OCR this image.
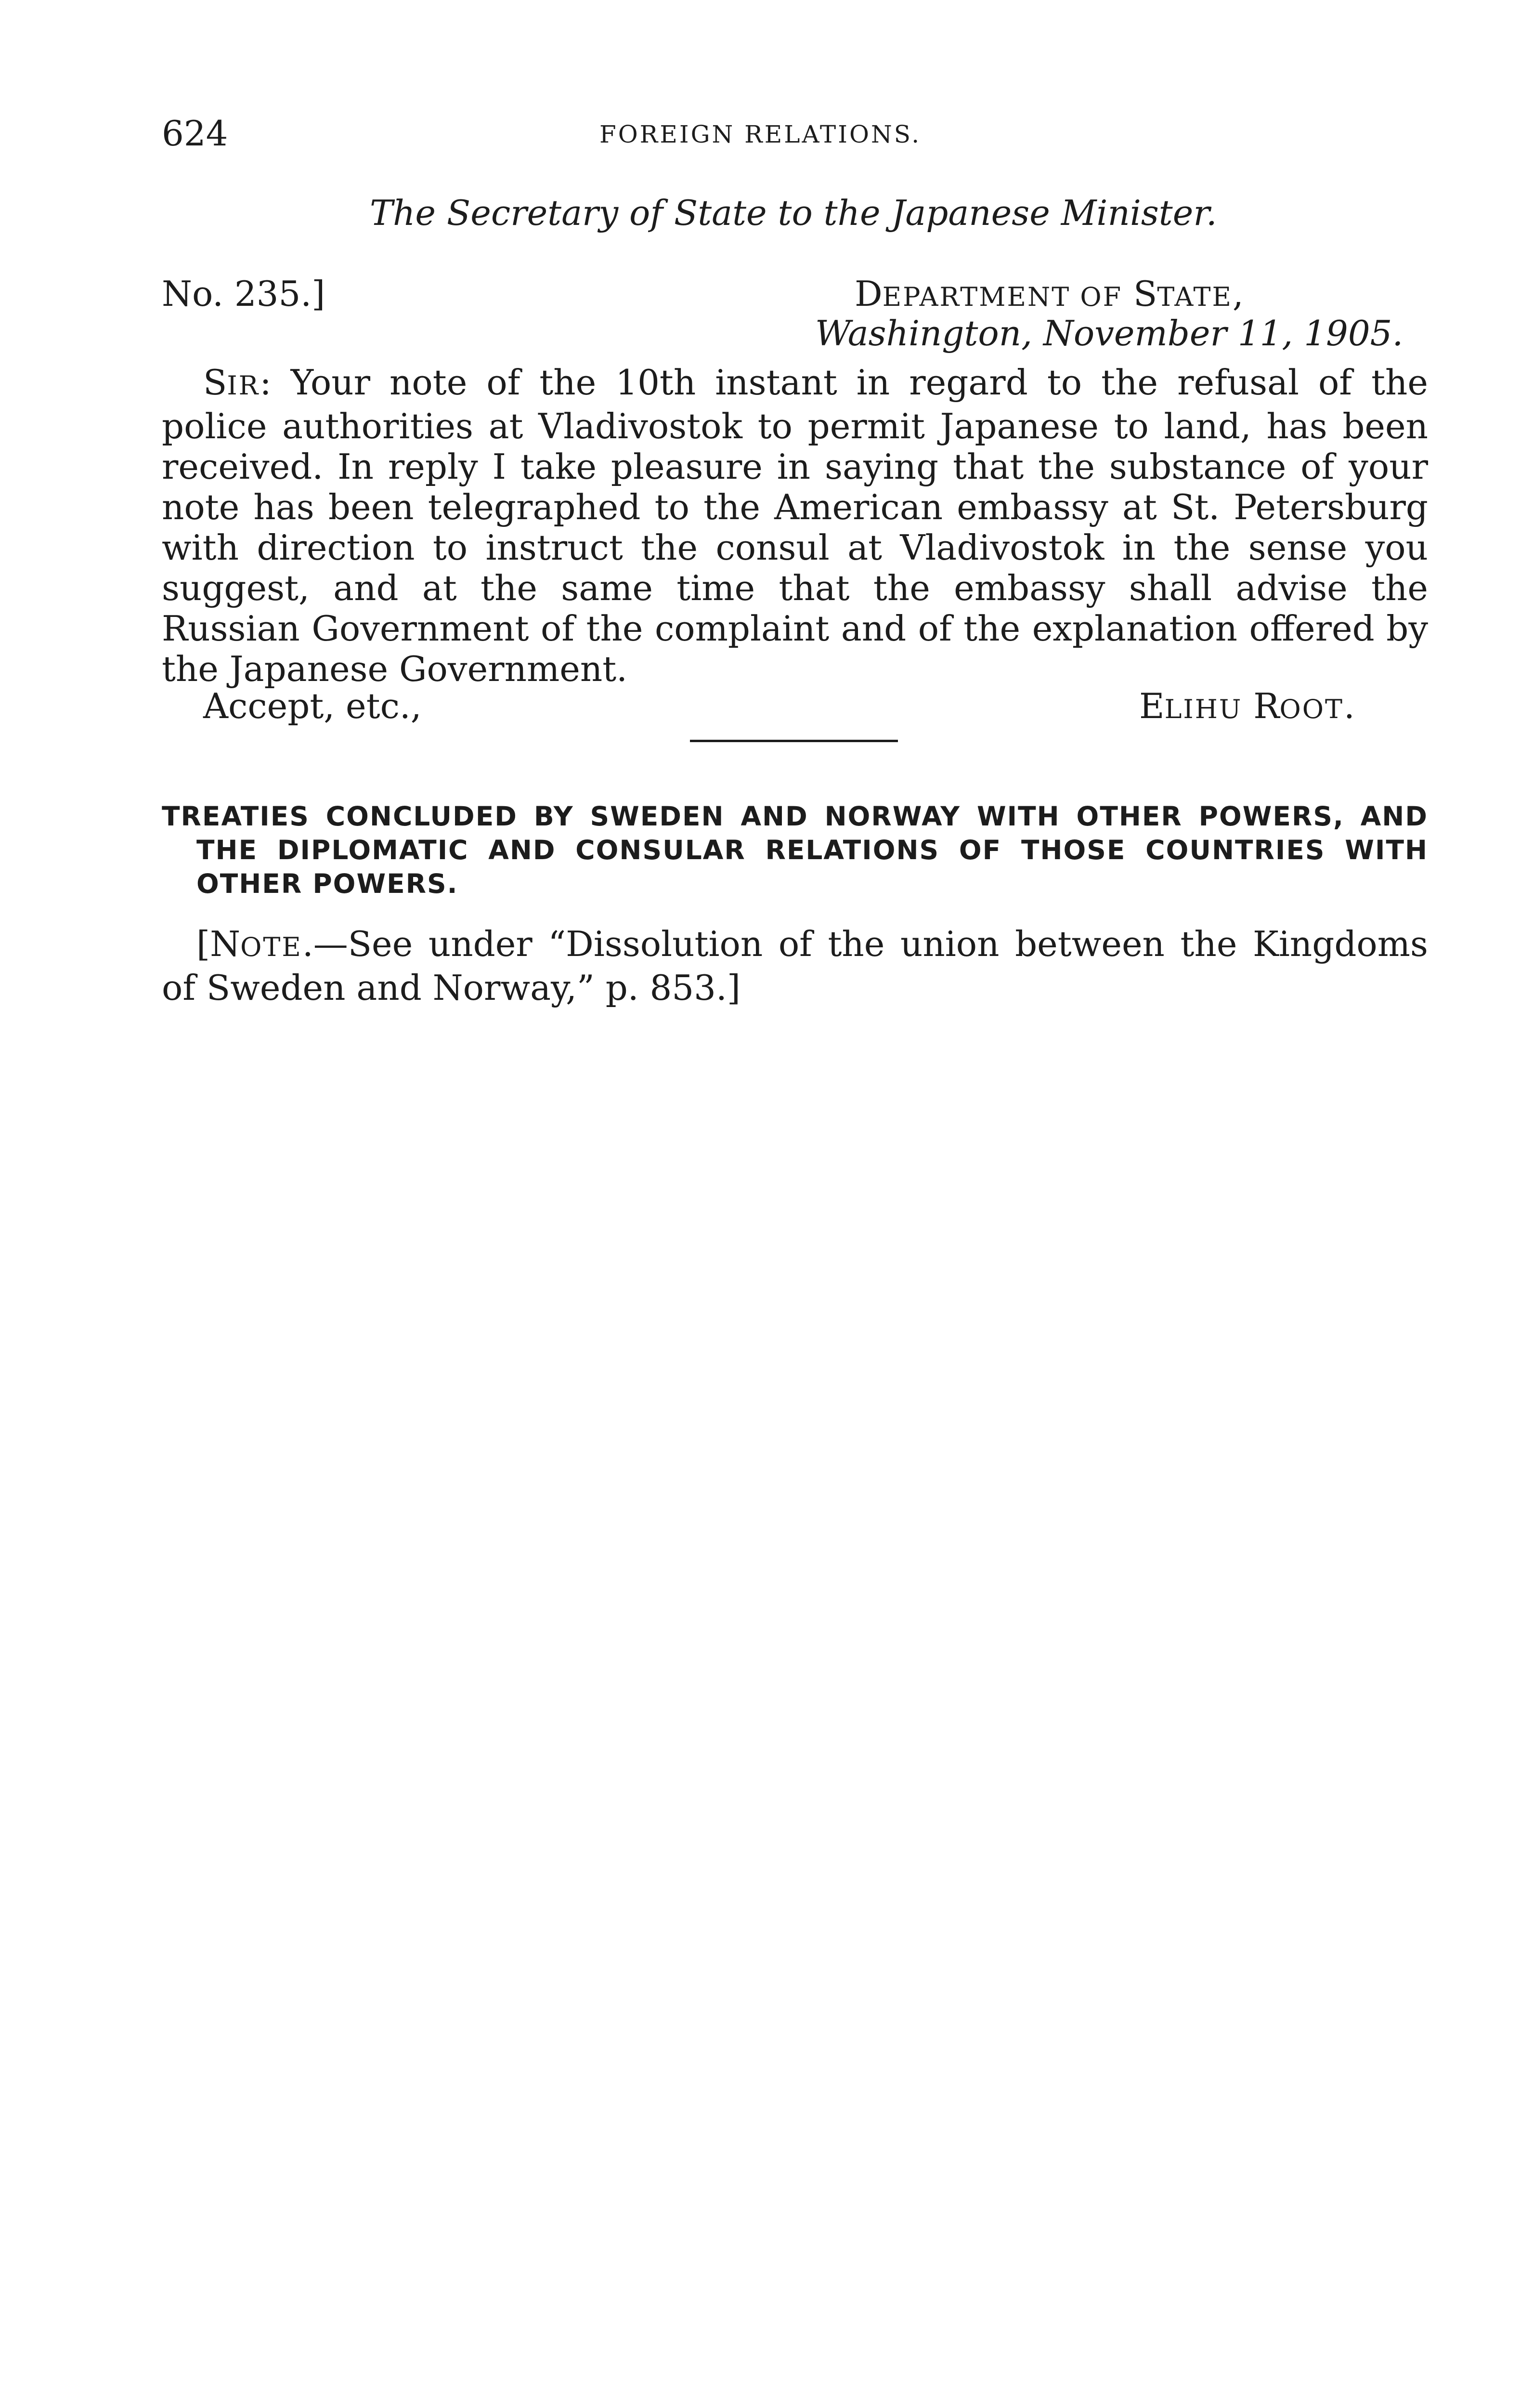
624	FOREIGN RELATIONS.
The Secretary of State to the Japanese Minister.
No. 235.]	DEPARTMENT OF STATE,
Washington, November 11, 1905.

SIR: Your note of the 10th instant in regard to the refusal of the police authorities at Vladivostok to permit Japanese to land, has been received. In reply I take pleasure in saying that the substance of your note has been telegraphed to the American embassy at St. Petersburg with direction to instruct the consul at Vladivostok in the sense you suggest, and at the same time that the embassy shall advise the Russian Government of the complaint and of the explanation offered by the Japanese Government.

Accept, etc.,	ELIHU ROOT.
TREATIES CONCLUDED BY SWEDEN AND NORWAY WITH OTHER POWERS, AND THE DIPLOMATIC AND CONSULAR RELATIONS OF THOSE COUNTRIES WITH OTHER POWERS.

[NOTE.—See under “Dissolution of the union between the Kingdoms of Sweden and Norway,” p. 853.]
